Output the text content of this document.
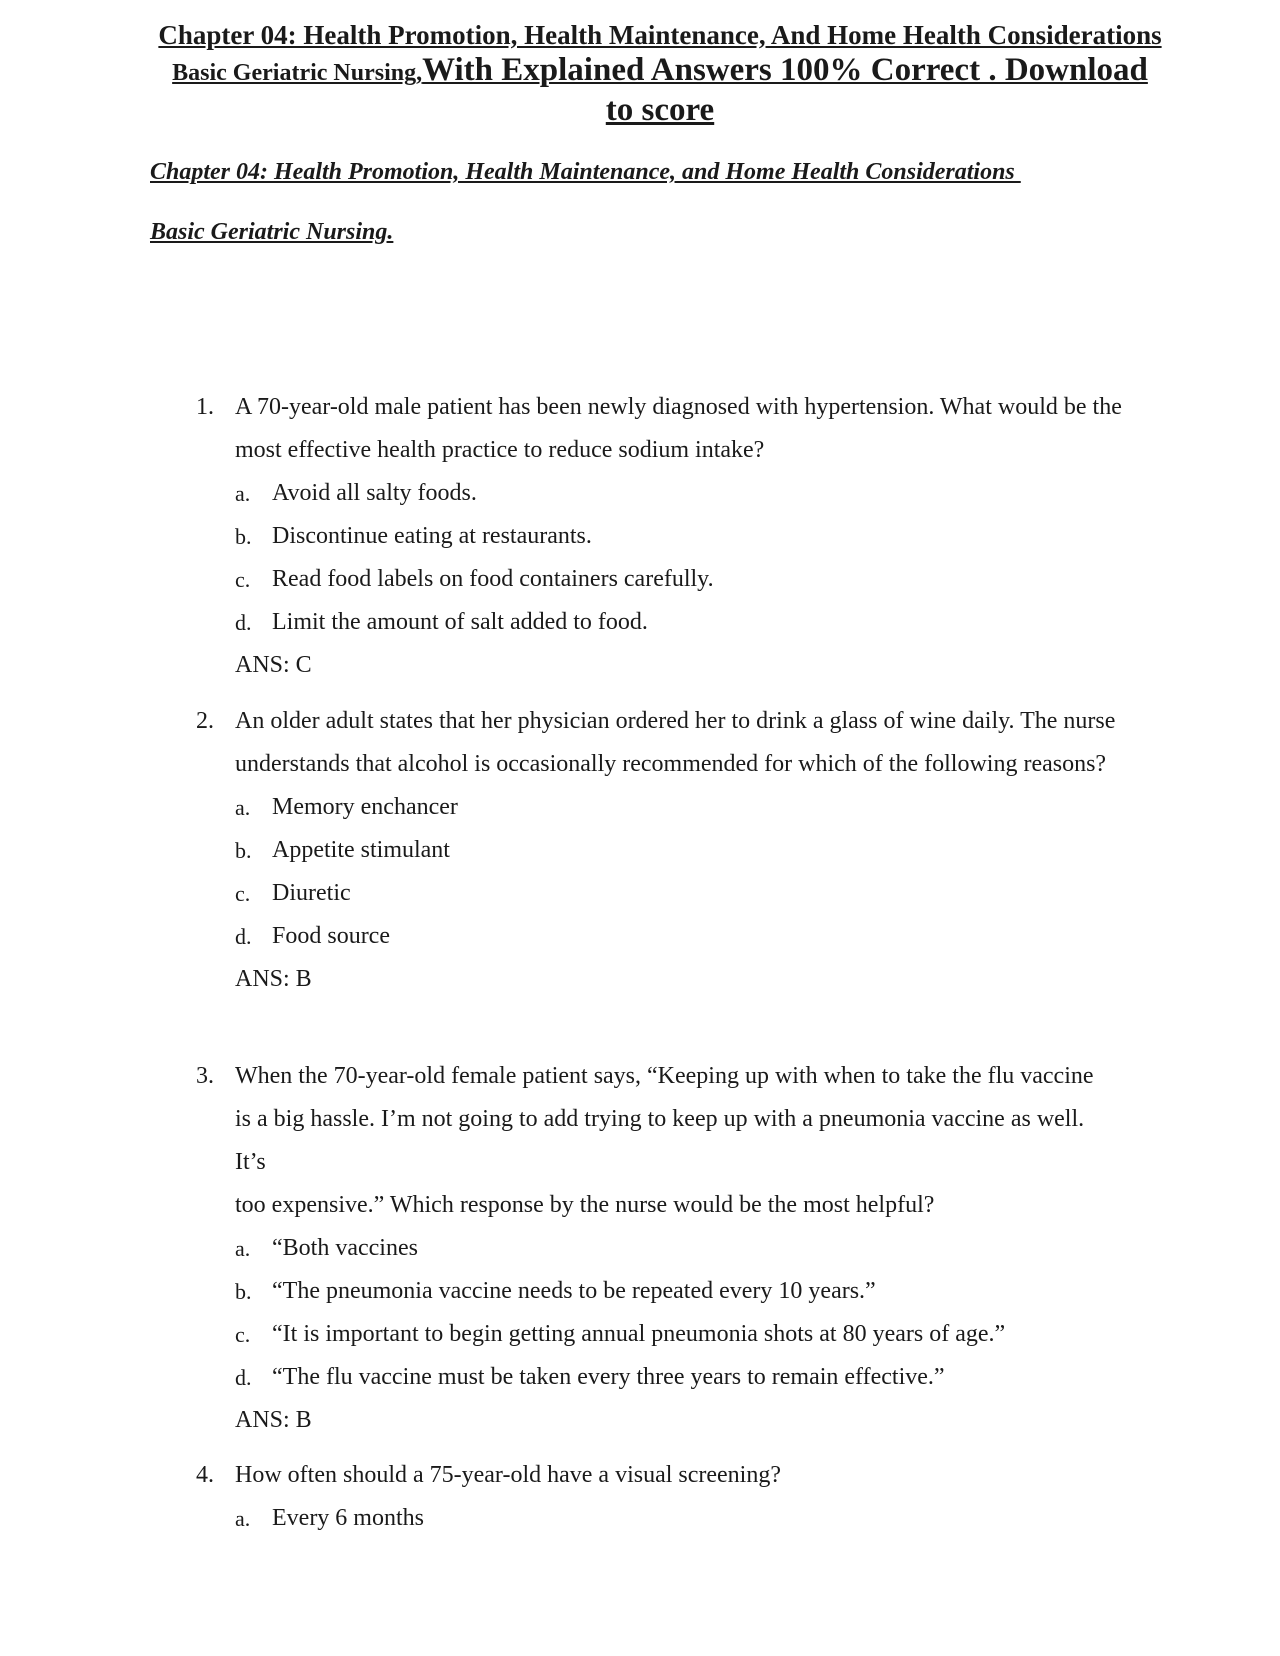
Chapter 04: Health Promotion, Health Maintenance, And Home Health Considerations
Basic Geriatric Nursing,With Explained Answers 100% Correct . Download
to score
Chapter 04: Health Promotion, Health Maintenance, and Home Health Considerations
Basic Geriatric Nursing.
1. A 70-year-old male patient has been newly diagnosed with hypertension. What would be the most effective health practice to reduce sodium intake?
a. Avoid all salty foods.
b. Discontinue eating at restaurants.
c. Read food labels on food containers carefully.
d. Limit the amount of salt added to food.
ANS: C
2. An older adult states that her physician ordered her to drink a glass of wine daily. The nurse understands that alcohol is occasionally recommended for which of the following reasons?
a. Memory enchancer
b. Appetite stimulant
c. Diuretic
d. Food source
ANS: B
3. When the 70-year-old female patient says, “Keeping up with when to take the flu vaccine
is a big hassle. I’m not going to add trying to keep up with a pneumonia vaccine as well.
It’s
too expensive.” Which response by the nurse would be the most helpful?
a. “Both vaccines
b. “The pneumonia vaccine needs to be repeated every 10 years.”
c. “It is important to begin getting annual pneumonia shots at 80 years of age.”
d. “The flu vaccine must be taken every three years to remain effective.”
ANS: B
4. How often should a 75-year-old have a visual screening?
a. Every 6 months
